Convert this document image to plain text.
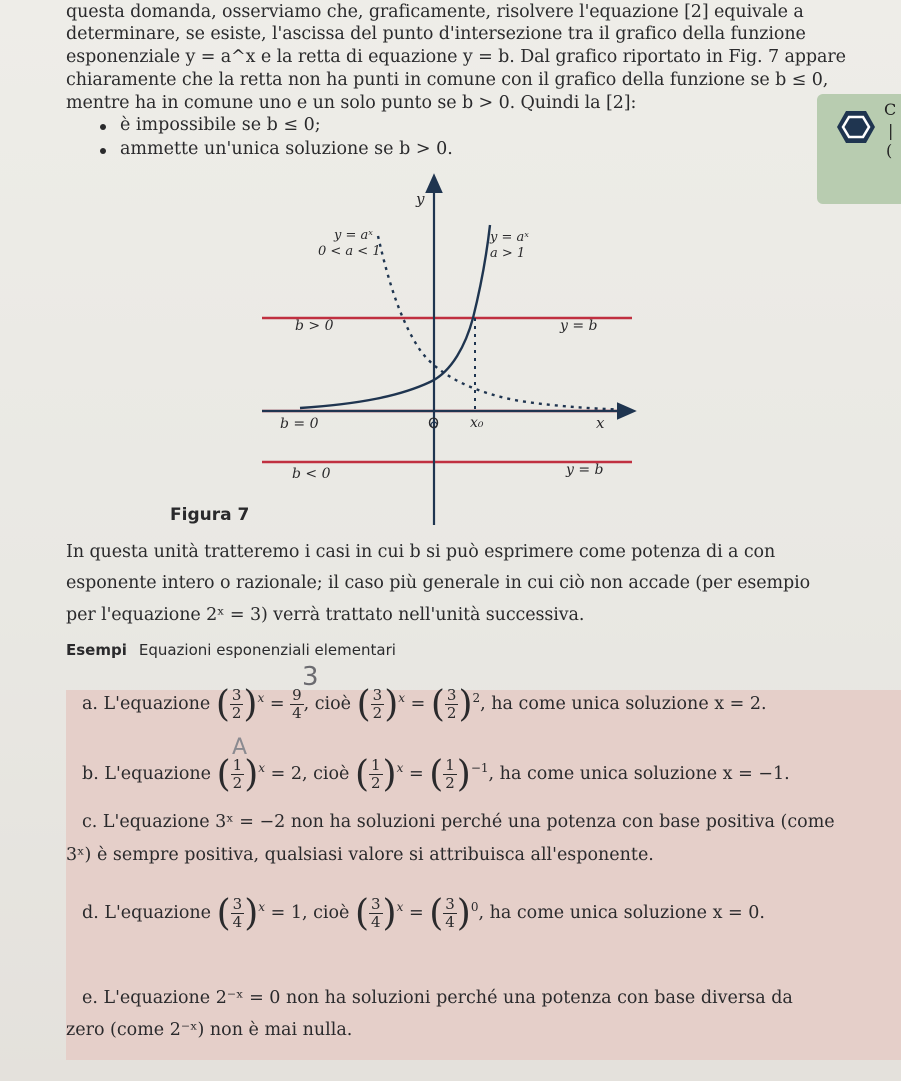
questa domanda, osserviamo che, graficamente, risolvere l'equazione [2] equivale a
determinare, se esiste, l'ascissa del punto d'intersezione tra il grafico della funzione
esponenziale y = a^x e la retta di equazione y = b. Dal grafico riportato in Fig. 7 appare
chiaramente che la retta non ha punti in comune con il grafico della funzione se b ≤ 0,
mentre ha in comune uno e un solo punto se b > 0. Quindi la [2]:
è impossibile se b ≤ 0;
ammette un'unica soluzione se b > 0.
C
|
(
y
x
O x₀
y = aˣ
0 < a < 1
y = aˣ
a > 1
b > 0	y = b
b = 0
b < 0	y = b
Figura 7
In questa unità tratteremo i casi in cui b si può esprimere come potenza di a con
esponente intero o razionale; il caso più generale in cui ciò non accade (per esempio
per l'equazione 2ˣ = 3) verrà trattato nell'unità successiva.
Esempi Equazioni esponenziali elementari
3
A
a. L'equazione ( $\frac{3}{2} )^x = \frac{9}{4}$ , cioè ( $\frac{3}{2} )^x$ = ( $\frac{3}{2} )^2$, ha come unica soluzione x = 2.
b. L'equazione ( $\frac{1}{2} )^x = 2$, cioè ( $\frac{1}{2} )^x$ = ( $\frac{1}{2} )^{-1}$, ha come unica soluzione x = −1.
c. L'equazione 3ˣ = −2 non ha soluzioni perché una potenza con base positiva (come
3ˣ) è sempre positiva, qualsiasi valore si attribuisca all'esponente.
d. L'equazione ( $\frac{3}{4} )^x = 1$, cioè ( $\frac{3}{4} )^x$ = ( $\frac{3}{4} )^0$, ha come unica soluzione x = 0.
e. L'equazione 2⁻ˣ = 0 non ha soluzioni perché una potenza con base diversa da
zero (come 2⁻ˣ) non è mai nulla.
